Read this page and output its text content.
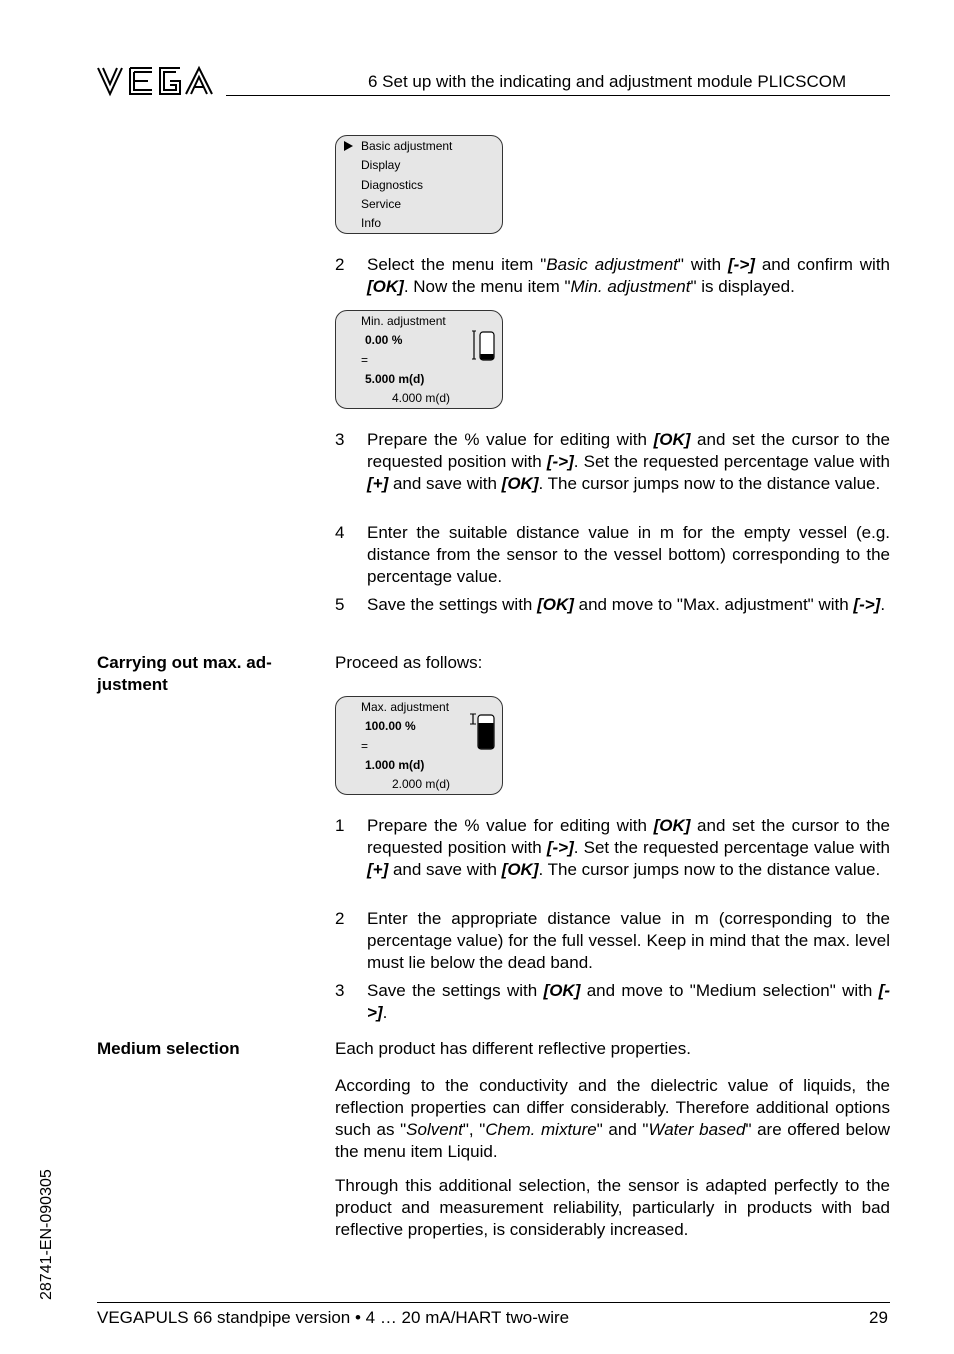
6 Set up with the indicating and adjustment module PLICSCOM
Basic adjustment
Display
Diagnostics
Service
Info
2	Select the menu item "Basic adjustment" with [->] and confirm with [OK]. Now the menu item "Min. adjustment" is displayed.
Min. adjustment
0.00 %
=
5.000 m(d)
4.000 m(d)
3	Prepare the % value for editing with [OK] and set the cursor to the requested position with [->]. Set the requested percentage value with [+] and save with [OK]. The cursor jumps now to the distance value.
4	Enter the suitable distance value in m for the empty vessel (e.g. distance from the sensor to the vessel bottom) corresponding to the percentage value.
5	Save the settings with [OK] and move to "Max. adjustment" with [->].
Carrying out max. ad-
justment
Proceed as follows:
Max. adjustment
100.00 %
=
1.000 m(d)
2.000 m(d)
1	Prepare the % value for editing with [OK] and set the cursor to the requested position with [->]. Set the requested percentage value with [+] and save with [OK]. The cursor jumps now to the distance value.
2	Enter the appropriate distance value in m (corresponding to the percentage value) for the full vessel. Keep in mind that the max. level must lie below the dead band.
3	Save the settings with [OK] and move to "Medium selection" with [->].
Medium selection	Each product has different reflective properties.
According to the conductivity and the dielectric value of liquids, the reflection properties can differ considerably. Therefore additional options such as "Solvent", "Chem. mixture" and "Water based" are offered below the menu item Liquid.
Through this additional selection, the sensor is adapted perfectly to the product and measurement reliability, particularly in products with bad reflective properties, is considerably increased.
28741-EN-090305
VEGAPULS 66 standpipe version • 4 … 20 mA/HART two-wire	29
